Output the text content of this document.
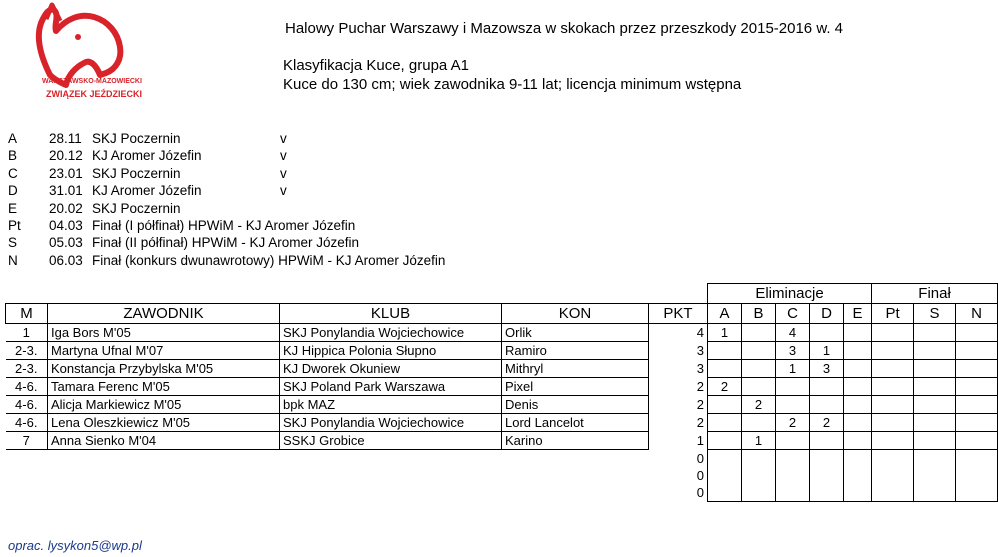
WARSZAWSKO-MAZOWIECKI
ZWIĄZEK JEŹDZIECKI
Halowy Puchar Warszawy i Mazowsza w skokach przez przeszkody 2015-2016 w. 4
Klasyfikacja Kuce, grupa A1
Kuce do 130 cm; wiek zawodnika 9-11 lat; licencja minimum wstępna
A	28.11 SKJ Poczernin	v
B	20.12 KJ Aromer Józefin	v
C	23.01 SKJ Poczernin	v
D	31.01 KJ Aromer Józefin	v
E	20.02 SKJ Poczernin
Pt	04.03 Finał (I półfinał) HPWiM - KJ Aromer Józefin
S	05.03 Finał (II półfinał) HPWiM - KJ Aromer Józefin
N	06.03 Finał (konkurs dwunawrotowy) HPWiM - KJ Aromer Józefin
					Eliminacje					Finał		
M	ZAWODNIK	KLUB	KON	PKT	A	B	C	D	E	Pt	S	N
1	Iga Bors M'05	SKJ Ponylandia Wojciechowice	Orlik	4	1		4					
2-3.	Martyna Ufnal M'07	KJ Hippica Polonia Słupno	Ramiro	3			3	1				
2-3.	Konstancja Przybylska M'05	KJ Dworek Okuniew	Mithryl	3			1	3				
4-6.	Tamara Ferenc M'05	SKJ Poland Park Warszawa	Pixel	2	2							
4-6.	Alicja Markiewicz M'05	bpk MAZ	Denis	2		2						
4-6.	Lena Oleszkiewicz M'05	SKJ Ponylandia Wojciechowice	Lord Lancelot	2			2	2				
7	Anna Sienko M'04	SSKJ Grobice	Karino	1		1						
				0								
				0								
				0								
oprac. lysykon5@wp.pl
